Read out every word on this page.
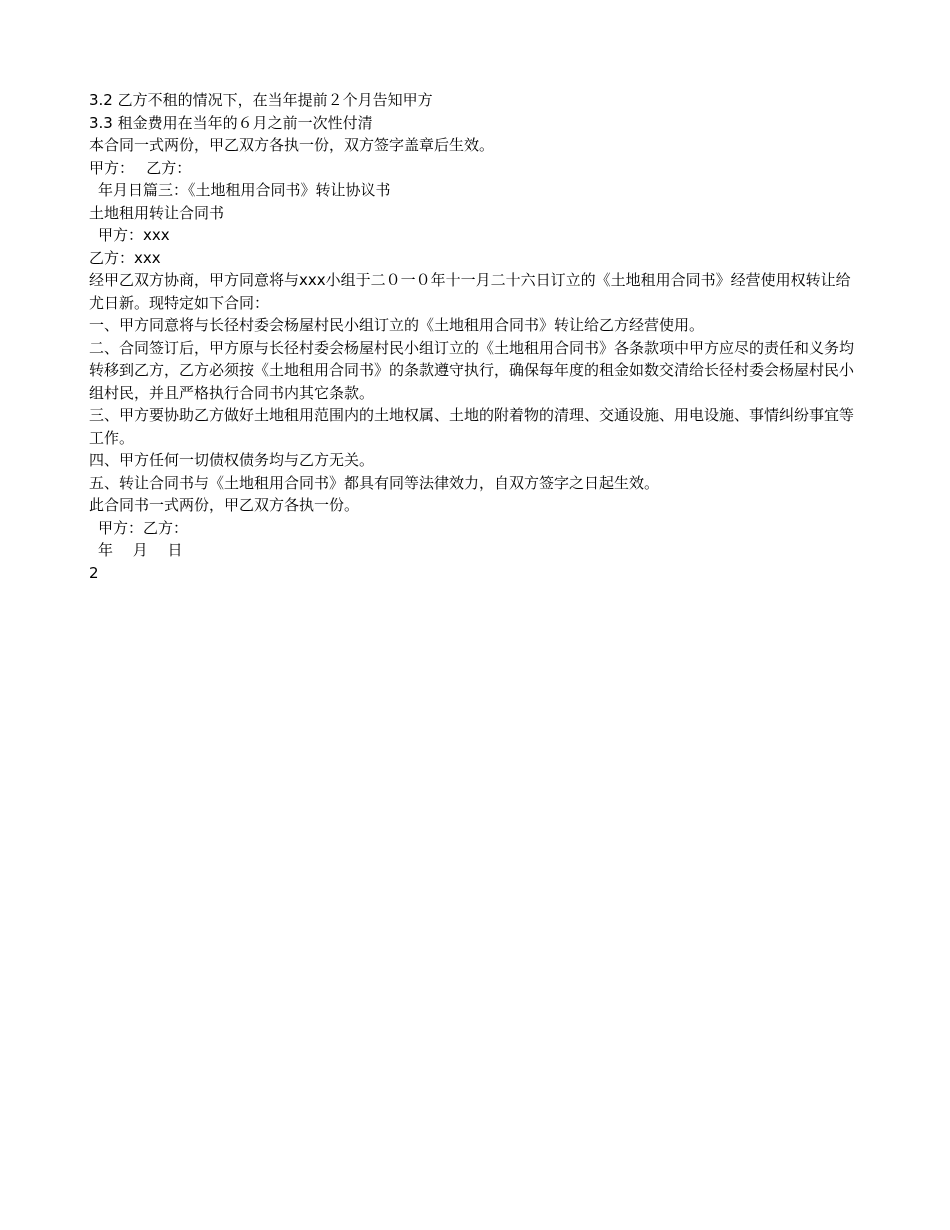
3.2 乙方不租的情况下，在当年提前２个月告知甲方

3.3 租金费用在当年的６月之前一次性付清

本合同一式两份，甲乙双方各执一份，双方签字盖章后生效。

甲方：　 乙方：

年月日篇三：《土地租用合同书》转让协议书

土地租用转让合同书

甲方：xxx

乙方：xxx

经甲乙双方协商，甲方同意将与xxx小组于二０一０年十一月二十六日订立的《土地租用合同书》经营使用权转让给尤日新。现特定如下合同：

一、甲方同意将与长径村委会杨屋村民小组订立的《土地租用合同书》转让给乙方经营使用。

二、合同签订后，甲方原与长径村委会杨屋村民小组订立的《土地租用合同书》各条款项中甲方应尽的责任和义务均转移到乙方，乙方必须按《土地租用合同书》的条款遵守执行，确保每年度的租金如数交清给长径村委会杨屋村民小组村民，并且严格执行合同书内其它条款。

三、甲方要协助乙方做好土地租用范围内的土地权属、土地的附着物的清理、交通设施、用电设施、事情纠纷事宜等工作。

四、甲方任何一切债权债务均与乙方无关。

五、转让合同书与《土地租用合同书》都具有同等法律效力，自双方签字之日起生效。

此合同书一式两份，甲乙双方各执一份。

甲方：乙方：

年　 月　 日

2
